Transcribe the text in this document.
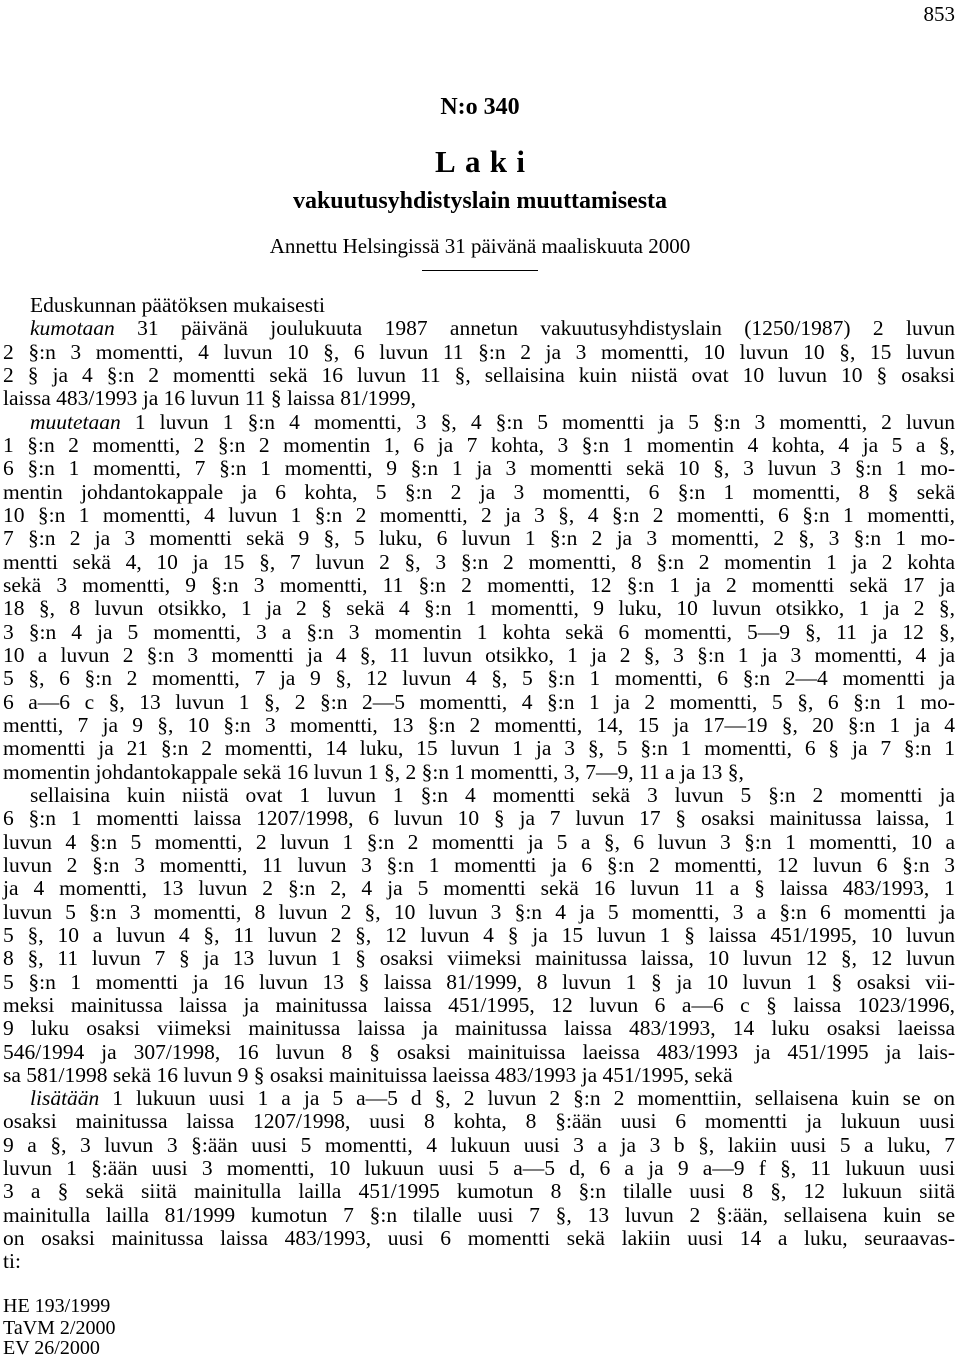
853
N:o 340
Laki
vakuutusyhdistyslain muuttamisesta
Annettu Helsingissä 31 päivänä maaliskuuta 2000
Eduskunnan päätöksen mukaisesti
kumotaan 31 päivänä joulukuuta 1987 annetun vakuutusyhdistyslain (1250/1987) 2 luvun
2 §:n 3 momentti, 4 luvun 10 §, 6 luvun 11 §:n 2 ja 3 momentti, 10 luvun 10 §, 15 luvun
2 § ja 4 §:n 2 momentti sekä 16 luvun 11 §, sellaisina kuin niistä ovat 10 luvun 10 § osaksi
laissa 483/1993 ja 16 luvun 11 § laissa 81/1999,
muutetaan 1 luvun 1 §:n 4 momentti, 3 §, 4 §:n 5 momentti ja 5 §:n 3 momentti, 2 luvun
1 §:n 2 momentti, 2 §:n 2 momentin 1, 6 ja 7 kohta, 3 §:n 1 momentin 4 kohta, 4 ja 5 a §,
6 §:n 1 momentti, 7 §:n 1 momentti, 9 §:n 1 ja 3 momentti sekä 10 §, 3 luvun 3 §:n 1 mo-
mentin johdantokappale ja 6 kohta, 5 §:n 2 ja 3 momentti, 6 §:n 1 momentti, 8 § sekä
10 §:n 1 momentti, 4 luvun 1 §:n 2 momentti, 2 ja 3 §, 4 §:n 2 momentti, 6 §:n 1 momentti,
7 §:n 2 ja 3 momentti sekä 9 §, 5 luku, 6 luvun 1 §:n 2 ja 3 momentti, 2 §, 3 §:n 1 mo-
mentti sekä 4, 10 ja 15 §, 7 luvun 2 §, 3 §:n 2 momentti, 8 §:n 2 momentin 1 ja 2 kohta
sekä 3 momentti, 9 §:n 3 momentti, 11 §:n 2 momentti, 12 §:n 1 ja 2 momentti sekä 17 ja
18 §, 8 luvun otsikko, 1 ja 2 § sekä 4 §:n 1 momentti, 9 luku, 10 luvun otsikko, 1 ja 2 §,
3 §:n 4 ja 5 momentti, 3 a §:n 3 momentin 1 kohta sekä 6 momentti, 5—9 §, 11 ja 12 §,
10 a luvun 2 §:n 3 momentti ja 4 §, 11 luvun otsikko, 1 ja 2 §, 3 §:n 1 ja 3 momentti, 4 ja
5 §, 6 §:n 2 momentti, 7 ja 9 §, 12 luvun 4 §, 5 §:n 1 momentti, 6 §:n 2—4 momentti ja
6 a—6 c §, 13 luvun 1 §, 2 §:n 2—5 momentti, 4 §:n 1 ja 2 momentti, 5 §, 6 §:n 1 mo-
mentti, 7 ja 9 §, 10 §:n 3 momentti, 13 §:n 2 momentti, 14, 15 ja 17—19 §, 20 §:n 1 ja 4
momentti ja 21 §:n 2 momentti, 14 luku, 15 luvun 1 ja 3 §, 5 §:n 1 momentti, 6 § ja 7 §:n 1
momentin johdantokappale sekä 16 luvun 1 §, 2 §:n 1 momentti, 3, 7—9, 11 a ja 13 §,
sellaisina kuin niistä ovat 1 luvun 1 §:n 4 momentti sekä 3 luvun 5 §:n 2 momentti ja
6 §:n 1 momentti laissa 1207/1998, 6 luvun 10 § ja 7 luvun 17 § osaksi mainitussa laissa, 1
luvun 4 §:n 5 momentti, 2 luvun 1 §:n 2 momentti ja 5 a §, 6 luvun 3 §:n 1 momentti, 10 a
luvun 2 §:n 3 momentti, 11 luvun 3 §:n 1 momentti ja 6 §:n 2 momentti, 12 luvun 6 §:n 3
ja 4 momentti, 13 luvun 2 §:n 2, 4 ja 5 momentti sekä 16 luvun 11 a § laissa 483/1993, 1
luvun 5 §:n 3 momentti, 8 luvun 2 §, 10 luvun 3 §:n 4 ja 5 momentti, 3 a §:n 6 momentti ja
5 §, 10 a luvun 4 §, 11 luvun 2 §, 12 luvun 4 § ja 15 luvun 1 § laissa 451/1995, 10 luvun
8 §, 11 luvun 7 § ja 13 luvun 1 § osaksi viimeksi mainitussa laissa, 10 luvun 12 §, 12 luvun
5 §:n 1 momentti ja 16 luvun 13 § laissa 81/1999, 8 luvun 1 § ja 10 luvun 1 § osaksi vii-
meksi mainitussa laissa ja mainitussa laissa 451/1995, 12 luvun 6 a—6 c § laissa 1023/1996,
9 luku osaksi viimeksi mainitussa laissa ja mainitussa laissa 483/1993, 14 luku osaksi laeissa
546/1994 ja 307/1998, 16 luvun 8 § osaksi mainituissa laeissa 483/1993 ja 451/1995 ja lais-
sa 581/1998 sekä 16 luvun 9 § osaksi mainituissa laeissa 483/1993 ja 451/1995, sekä
lisätään 1 lukuun uusi 1 a ja 5 a—5 d §, 2 luvun 2 §:n 2 momenttiin, sellaisena kuin se on
osaksi mainitussa laissa 1207/1998, uusi 8 kohta, 8 §:ään uusi 6 momentti ja lukuun uusi
9 a §, 3 luvun 3 §:ään uusi 5 momentti, 4 lukuun uusi 3 a ja 3 b §, lakiin uusi 5 a luku, 7
luvun 1 §:ään uusi 3 momentti, 10 lukuun uusi 5 a—5 d, 6 a ja 9 a—9 f §, 11 lukuun uusi
3 a § sekä siitä mainitulla lailla 451/1995 kumotun 8 §:n tilalle uusi 8 §, 12 lukuun siitä
mainitulla lailla 81/1999 kumotun 7 §:n tilalle uusi 7 §, 13 luvun 2 §:ään, sellaisena kuin se
on osaksi mainitussa laissa 483/1993, uusi 6 momentti sekä lakiin uusi 14 a luku, seuraavas-
ti:
HE 193/1999
TaVM 2/2000
EV 26/2000
